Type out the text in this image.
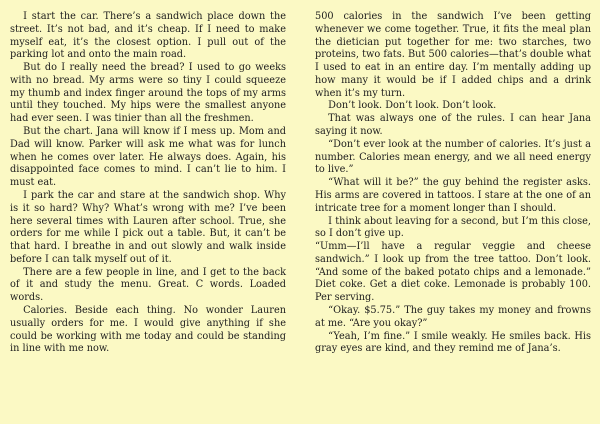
I start the car. There’s a sandwich place down the street. It’s not bad, and it’s cheap. If I need to make myself eat, it’s the closest option. I pull out of the parking lot and onto the main road.

But do I really need the bread? I used to go weeks with no bread. My arms were so tiny I could squeeze my thumb and index finger around the tops of my arms until they touched. My hips were the smallest anyone had ever seen. I was tinier than all the freshmen.

But the chart. Jana will know if I mess up. Mom and Dad will know. Parker will ask me what was for lunch when he comes over later. He always does. Again, his disappointed face comes to mind. I can’t lie to him. I must eat.

I park the car and stare at the sandwich shop. Why is it so hard? Why? What’s wrong with me? I’ve been here several times with Lauren after school. True, she orders for me while I pick out a table. But, it can’t be that hard. I breathe in and out slowly and walk inside before I can talk myself out of it.

There are a few people in line, and I get to the back of it and study the menu. Great. C words. Loaded words.

Calories. Beside each thing. No wonder Lauren usually orders for me. I would give anything if she could be working with me today and could be standing in line with me now.

500 calories in the sandwich I’ve been getting whenever we come together. True, it fits the meal plan the dietician put together for me: two starches, two proteins, two fats. But 500 calories—that’s double what I used to eat in an entire day. I’m mentally adding up how many it would be if I added chips and a drink when it’s my turn.

Don’t look. Don’t look. Don’t look.

That was always one of the rules. I can hear Jana saying it now.

“Don’t ever look at the number of calories. It’s just a number. Calories mean energy, and we all need energy to live.”

“What will it be?” the guy behind the register asks. His arms are covered in tattoos. I stare at the one of an intricate tree for a moment longer than I should.

I think about leaving for a second, but I’m this close, so I don’t give up.

“Umm—I’ll have a regular veggie and cheese sandwich.” I look up from the tree tattoo. Don’t look. “And some of the baked potato chips and a lemonade.” Diet coke. Get a diet coke. Lemonade is probably 100. Per serving.

“Okay. $5.75.” The guy takes my money and frowns at me. “Are you okay?”

“Yeah, I’m fine.” I smile weakly. He smiles back. His gray eyes are kind, and they remind me of Jana’s.
